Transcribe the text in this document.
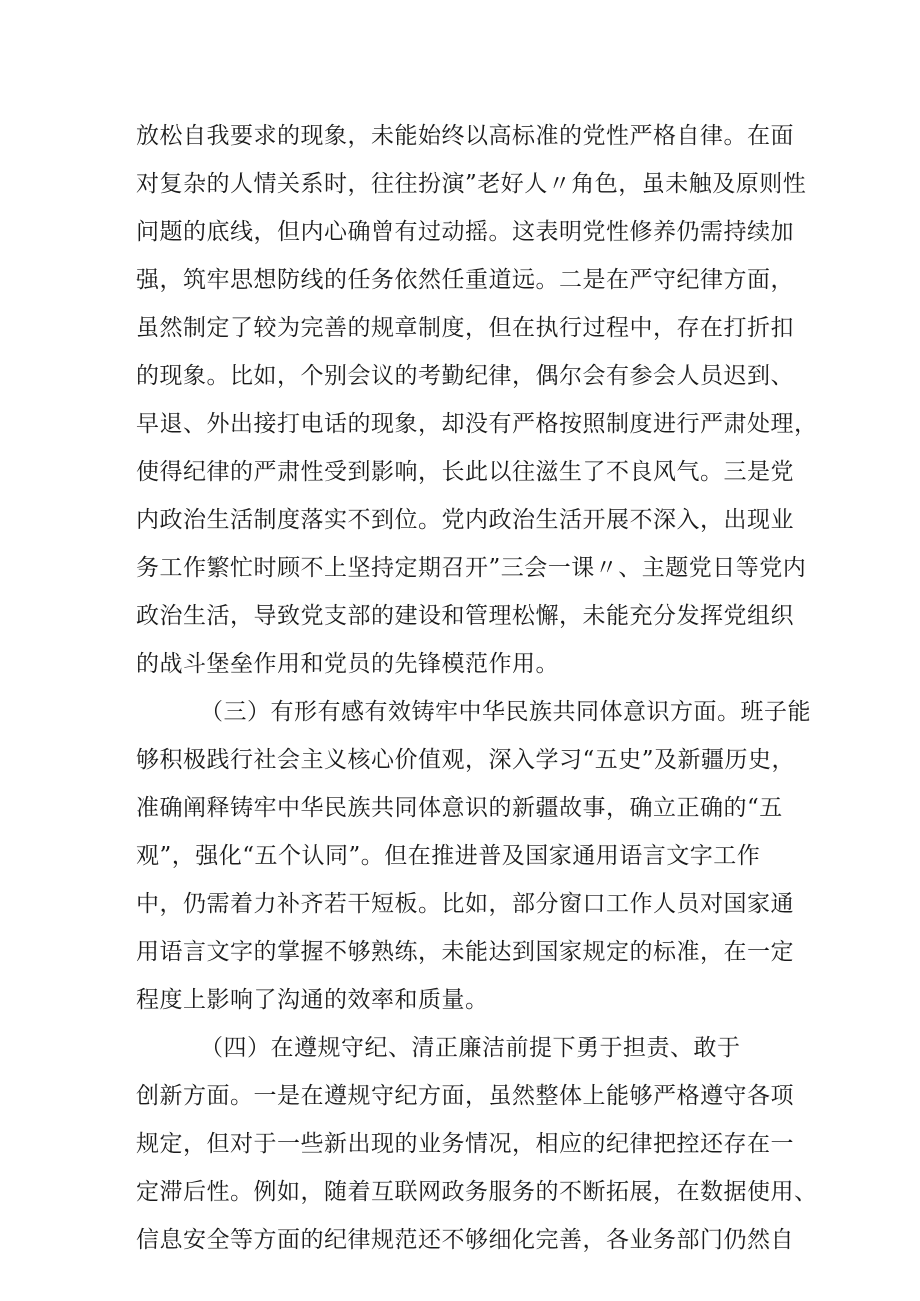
放松自我要求的现象，未能始终以高标准的党性严格自律。在面

对复杂的人情关系时，往往扮演”老好人〃角色，虽未触及原则性

问题的底线，但内心确曾有过动摇。这表明党性修养仍需持续加

强，筑牢思想防线的任务依然任重道远。二是在严守纪律方面，

虽然制定了较为完善的规章制度，但在执行过程中，存在打折扣

的现象。比如，个别会议的考勤纪律，偶尔会有参会人员迟到、

早退、外出接打电话的现象，却没有严格按照制度进行严肃处理，

使得纪律的严肃性受到影响，长此以往滋生了不良风气。三是党

内政治生活制度落实不到位。党内政治生活开展不深入，出现业

务工作繁忙时顾不上坚持定期召开”三会一课〃、主题党日等党内

政治生活，导致党支部的建设和管理松懈，未能充分发挥党组织

的战斗堡垒作用和党员的先锋模范作用。

（三）有形有感有效铸牢中华民族共同体意识方面。班子能

够积极践行社会主义核心价值观，深入学习“五史”及新疆历史，

准确阐释铸牢中华民族共同体意识的新疆故事，确立正确的“五

观”，强化“五个认同”。但在推进普及国家通用语言文字工作

中，仍需着力补齐若干短板。比如，部分窗口工作人员对国家通

用语言文字的掌握不够熟练，未能达到国家规定的标准，在一定

程度上影响了沟通的效率和质量。

（四）在遵规守纪、清正廉洁前提下勇于担责、敢于

创新方面。一是在遵规守纪方面，虽然整体上能够严格遵守各项

规定，但对于一些新出现的业务情况，相应的纪律把控还存在一

定滞后性。例如，随着互联网政务服务的不断拓展，在数据使用、

信息安全等方面的纪律规范还不够细化完善，各业务部门仍然自
